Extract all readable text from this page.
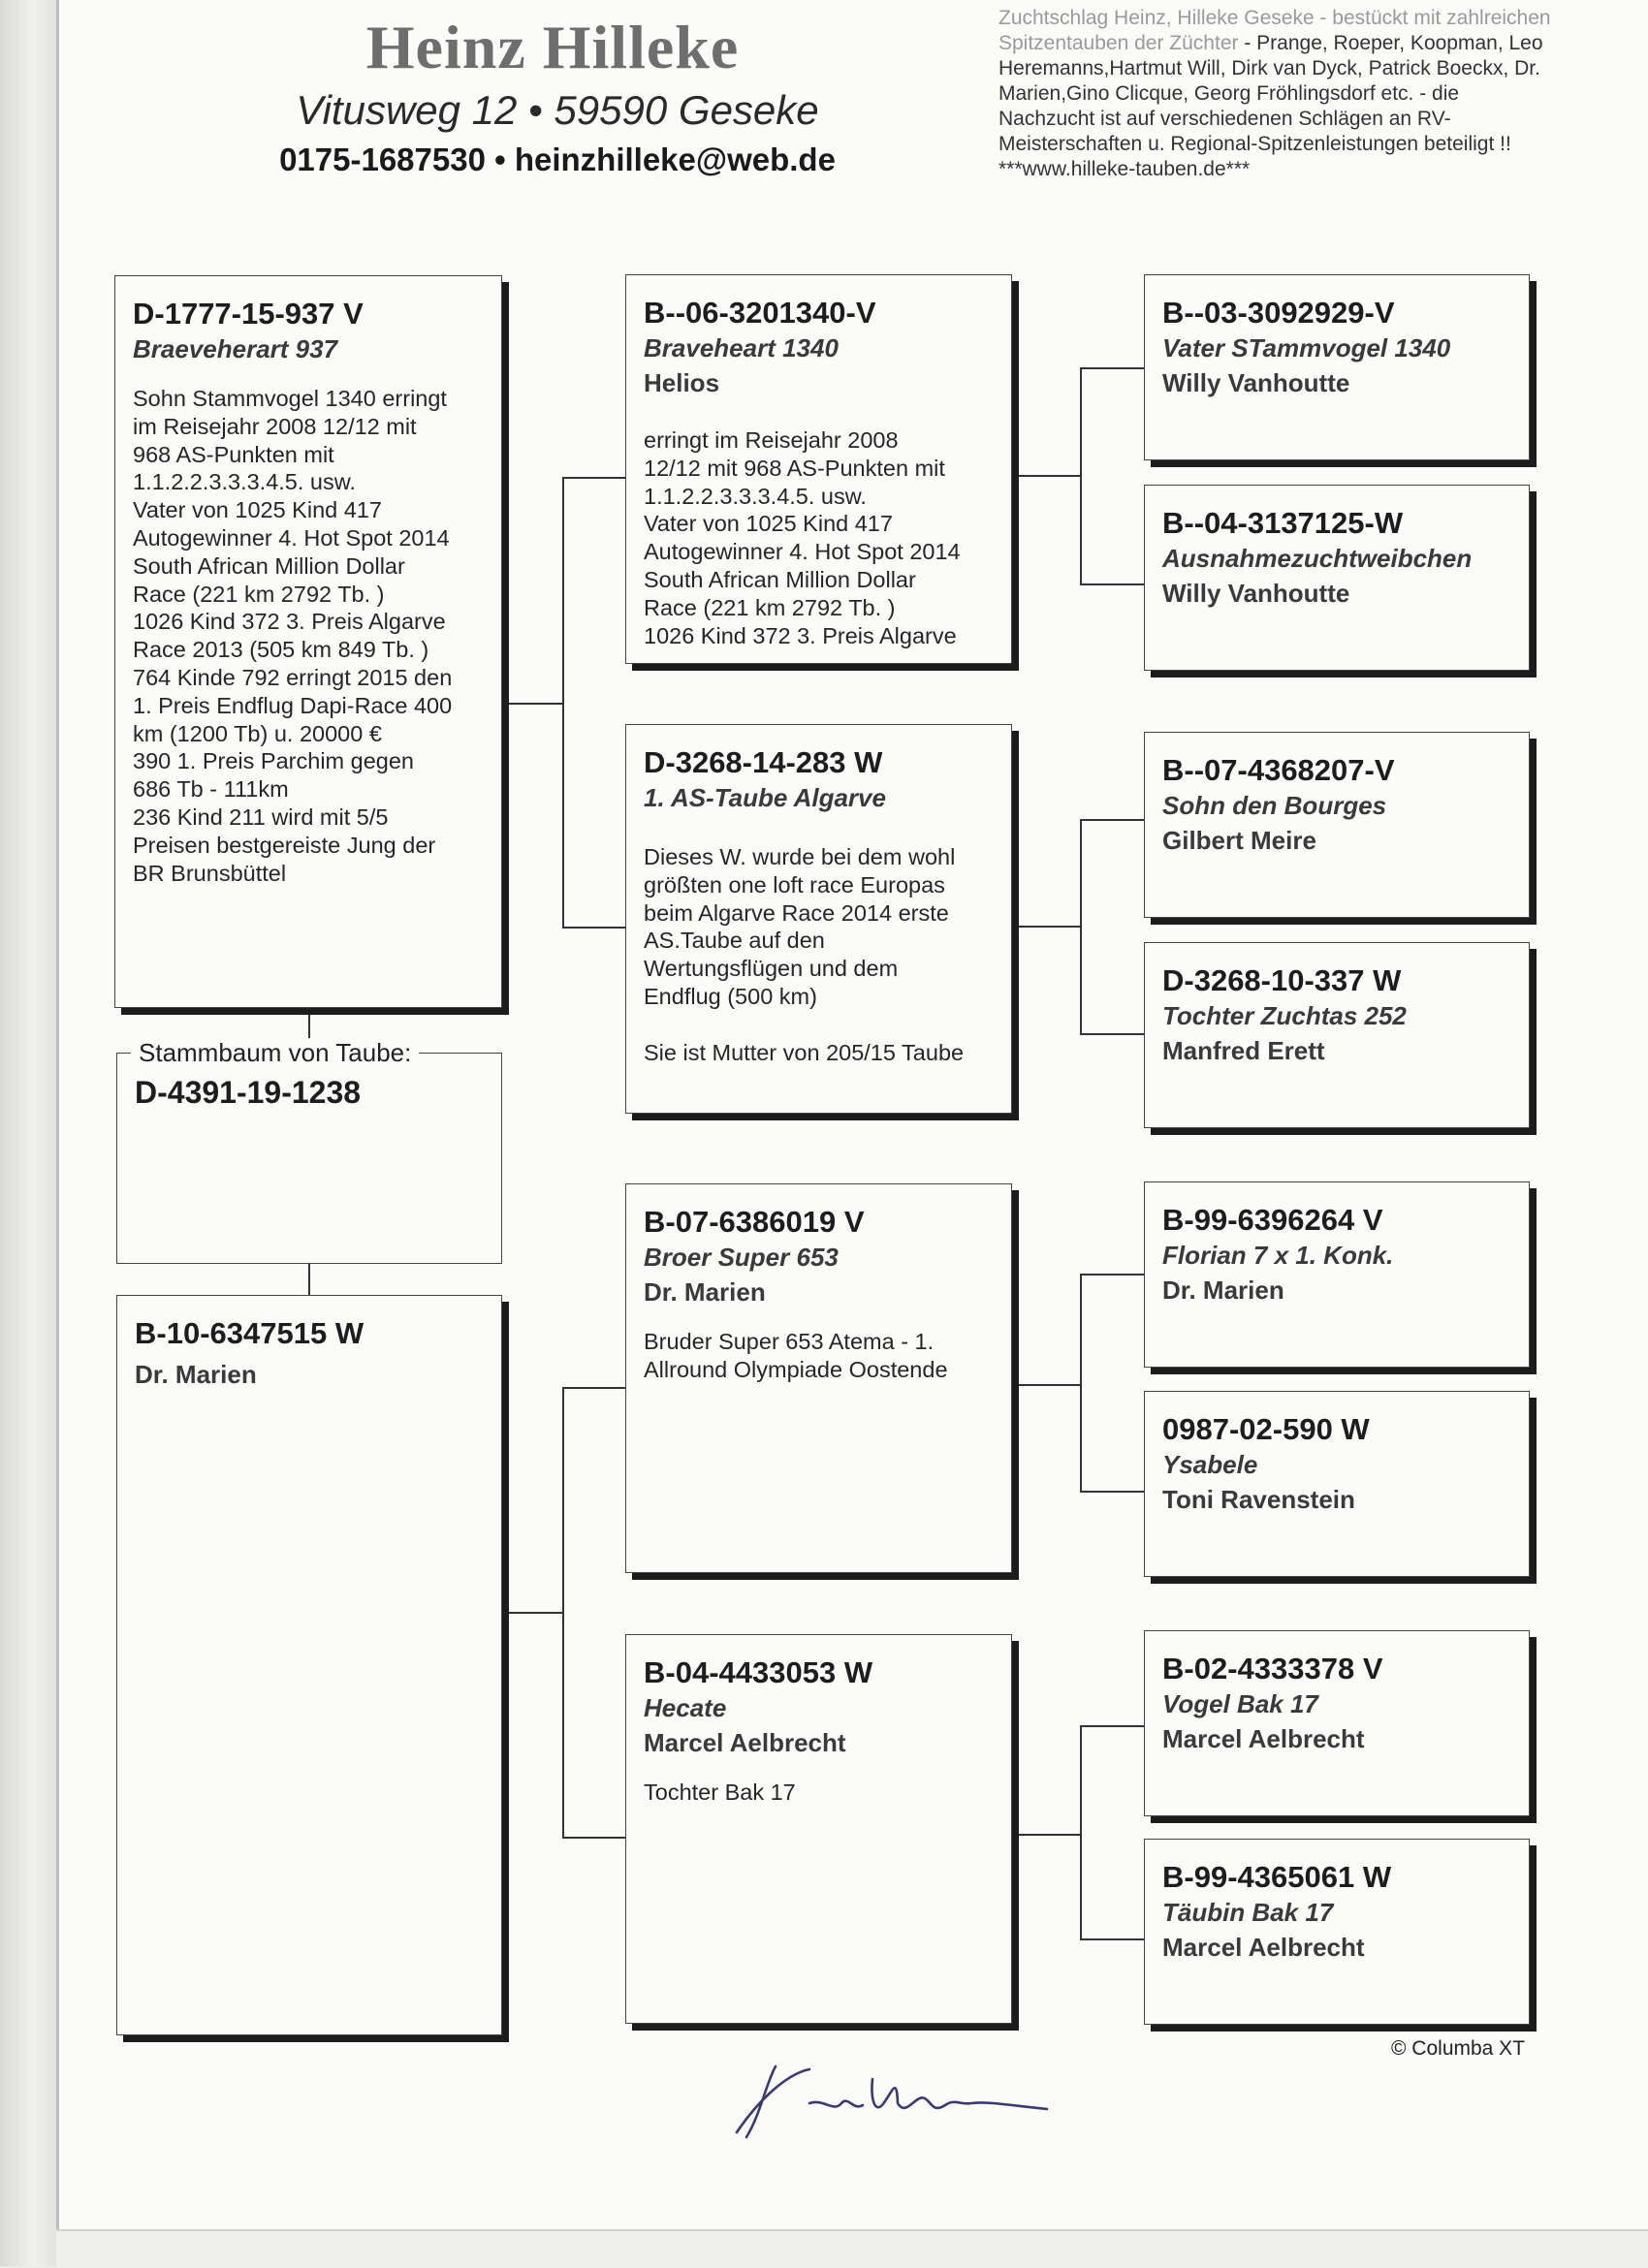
Heinz Hilleke
Vitusweg 12 • 59590 Geseke
0175-1687530 • heinzhilleke@web.de
Zuchtschlag Heinz, Hilleke Geseke - bestückt mit zahlreichen Spitzentauben der Züchter - Prange, Roeper, Koopman, Leo Heremanns,Hartmut Will, Dirk van Dyck, Patrick Boeckx, Dr. Marien,Gino Clicque, Georg Fröhlingsdorf etc. - die Nachzucht ist auf verschiedenen Schlägen an RV-Meisterschaften u. Regional-Spitzenleistungen beteiligt !! ***www.hilleke-tauben.de***
Stammbaum von Taube:
D-4391-19-1238
D-1777-15-937 V
Braeveherart 937
Sohn Stammvogel 1340 erringt
im Reisejahr 2008 12/12 mit
968 AS-Punkten mit
1.1.2.2.3.3.3.4.5. usw.
Vater von 1025 Kind 417
Autogewinner 4. Hot Spot 2014
South African Million Dollar
Race (221 km 2792 Tb. )
1026 Kind 372 3. Preis Algarve
Race 2013 (505 km 849 Tb. )
764 Kinde 792 erringt 2015 den
1. Preis Endflug Dapi-Race 400
km (1200 Tb) u. 20000 €
390 1. Preis Parchim gegen
686 Tb - 111km
236 Kind 211 wird mit 5/5
Preisen bestgereiste Jung der
BR Brunsbüttel
B-10-6347515 W
Dr. Marien
B--06-3201340-V
Braveheart 1340
Helios
erringt im Reisejahr 2008
12/12 mit 968 AS-Punkten mit
1.1.2.2.3.3.3.4.5. usw.
Vater von 1025 Kind 417
Autogewinner 4. Hot Spot 2014
South African Million Dollar
Race (221 km 2792 Tb. )
1026 Kind 372 3. Preis Algarve
D-3268-14-283 W
1. AS-Taube Algarve
Dieses W. wurde bei dem wohl
größten one loft race Europas
beim Algarve Race 2014 erste
AS.Taube auf den
Wertungsflügen und dem
Endflug (500 km)

Sie ist Mutter von 205/15 Taube
B-07-6386019 V
Broer Super 653
Dr. Marien
Bruder Super 653 Atema - 1.
Allround Olympiade Oostende
B-04-4433053 W
Hecate
Marcel Aelbrecht
Tochter Bak 17
B--03-3092929-V
Vater STammvogel 1340
Willy Vanhoutte
B--04-3137125-W
Ausnahmezuchtweibchen
Willy Vanhoutte
B--07-4368207-V
Sohn den Bourges
Gilbert Meire
D-3268-10-337 W
Tochter Zuchtas 252
Manfred Erett
B-99-6396264 V
Florian 7 x 1. Konk.
Dr. Marien
0987-02-590 W
Ysabele
Toni Ravenstein
B-02-4333378 V
Vogel Bak 17
Marcel Aelbrecht
B-99-4365061 W
Täubin Bak 17
Marcel Aelbrecht
© Columba XT
